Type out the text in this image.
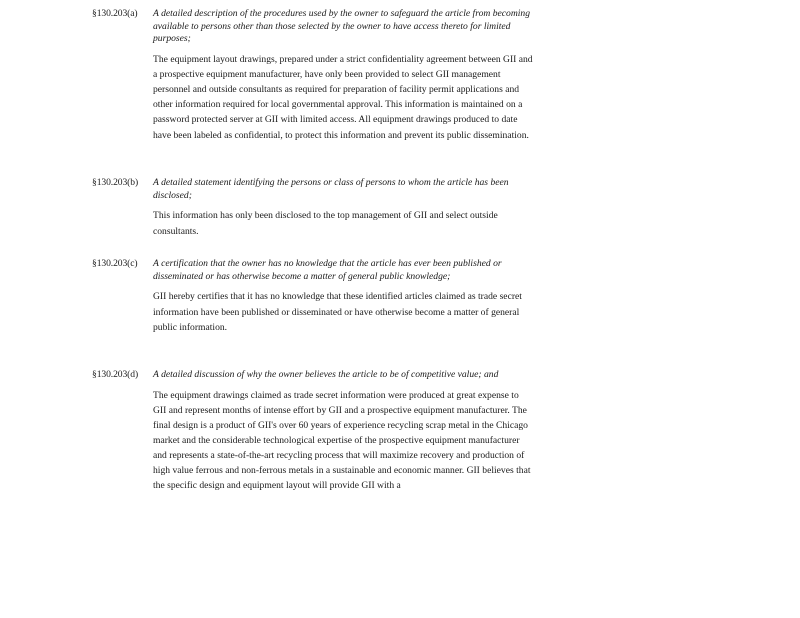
§130.203(a) A detailed description of the procedures used by the owner to safeguard the article from becoming available to persons other than those selected by the owner to have access thereto for limited purposes;

The equipment layout drawings, prepared under a strict confidentiality agreement between GII and a prospective equipment manufacturer, have only been provided to select GII management personnel and outside consultants as required for preparation of facility permit applications and other information required for local governmental approval. This information is maintained on a password protected server at GII with limited access. All equipment drawings produced to date have been labeled as confidential, to protect this information and prevent its public dissemination.

§130.203(b) A detailed statement identifying the persons or class of persons to whom the article has been disclosed;

This information has only been disclosed to the top management of GII and select outside consultants.

§130.203(c) A certification that the owner has no knowledge that the article has ever been published or disseminated or has otherwise become a matter of general public knowledge;

GII hereby certifies that it has no knowledge that these identified articles claimed as trade secret information have been published or disseminated or have otherwise become a matter of general public information.

§130.203(d) A detailed discussion of why the owner believes the article to be of competitive value; and

The equipment drawings claimed as trade secret information were produced at great expense to GII and represent months of intense effort by GII and a prospective equipment manufacturer. The final design is a product of GII's over 60 years of experience recycling scrap metal in the Chicago market and the considerable technological expertise of the prospective equipment manufacturer and represents a state-of-the-art recycling process that will maximize recovery and production of high value ferrous and non-ferrous metals in a sustainable and economic manner. GII believes that the specific design and equipment layout will provide GII with a
